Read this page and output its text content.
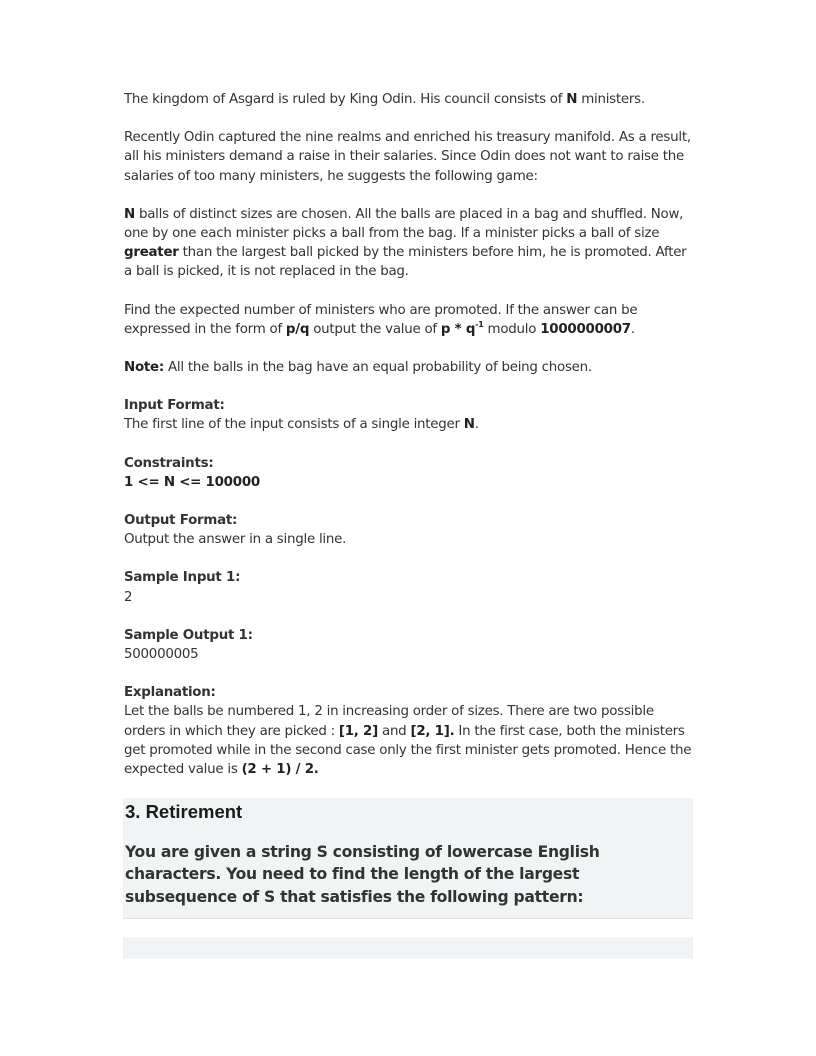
The kingdom of Asgard is ruled by King Odin. His council consists of N ministers.

Recently Odin captured the nine realms and enriched his treasury manifold. As a result, all his ministers demand a raise in their salaries. Since Odin does not want to raise the salaries of too many ministers, he suggests the following game:

N balls of distinct sizes are chosen. All the balls are placed in a bag and shuffled. Now, one by one each minister picks a ball from the bag. If a minister picks a ball of size greater than the largest ball picked by the ministers before him, he is promoted. After a ball is picked, it is not replaced in the bag.

Find the expected number of ministers who are promoted. If the answer can be expressed in the form of p/q output the value of p * $q^{-1}$ modulo 1000000007.

Note: All the balls in the bag have an equal probability of being chosen.

Input Format:
The first line of the input consists of a single integer N.
Constraints:
1 <= N <= 100000
Output Format:
Output the answer in a single line.
Sample Input 1:
2
Sample Output 1:
500000005
Explanation:
Let the balls be numbered 1, 2 in increasing order of sizes. There are two possible orders in which they are picked : [1, 2] and [2, 1]. In the first case, both the ministers get promoted while in the second case only the first minister gets promoted. Hence the expected value is (2 + 1) / 2.
3. Retirement
You are given a string S consisting of lowercase English characters. You need to find the length of the largest subsequence of S that satisfies the following pattern:
